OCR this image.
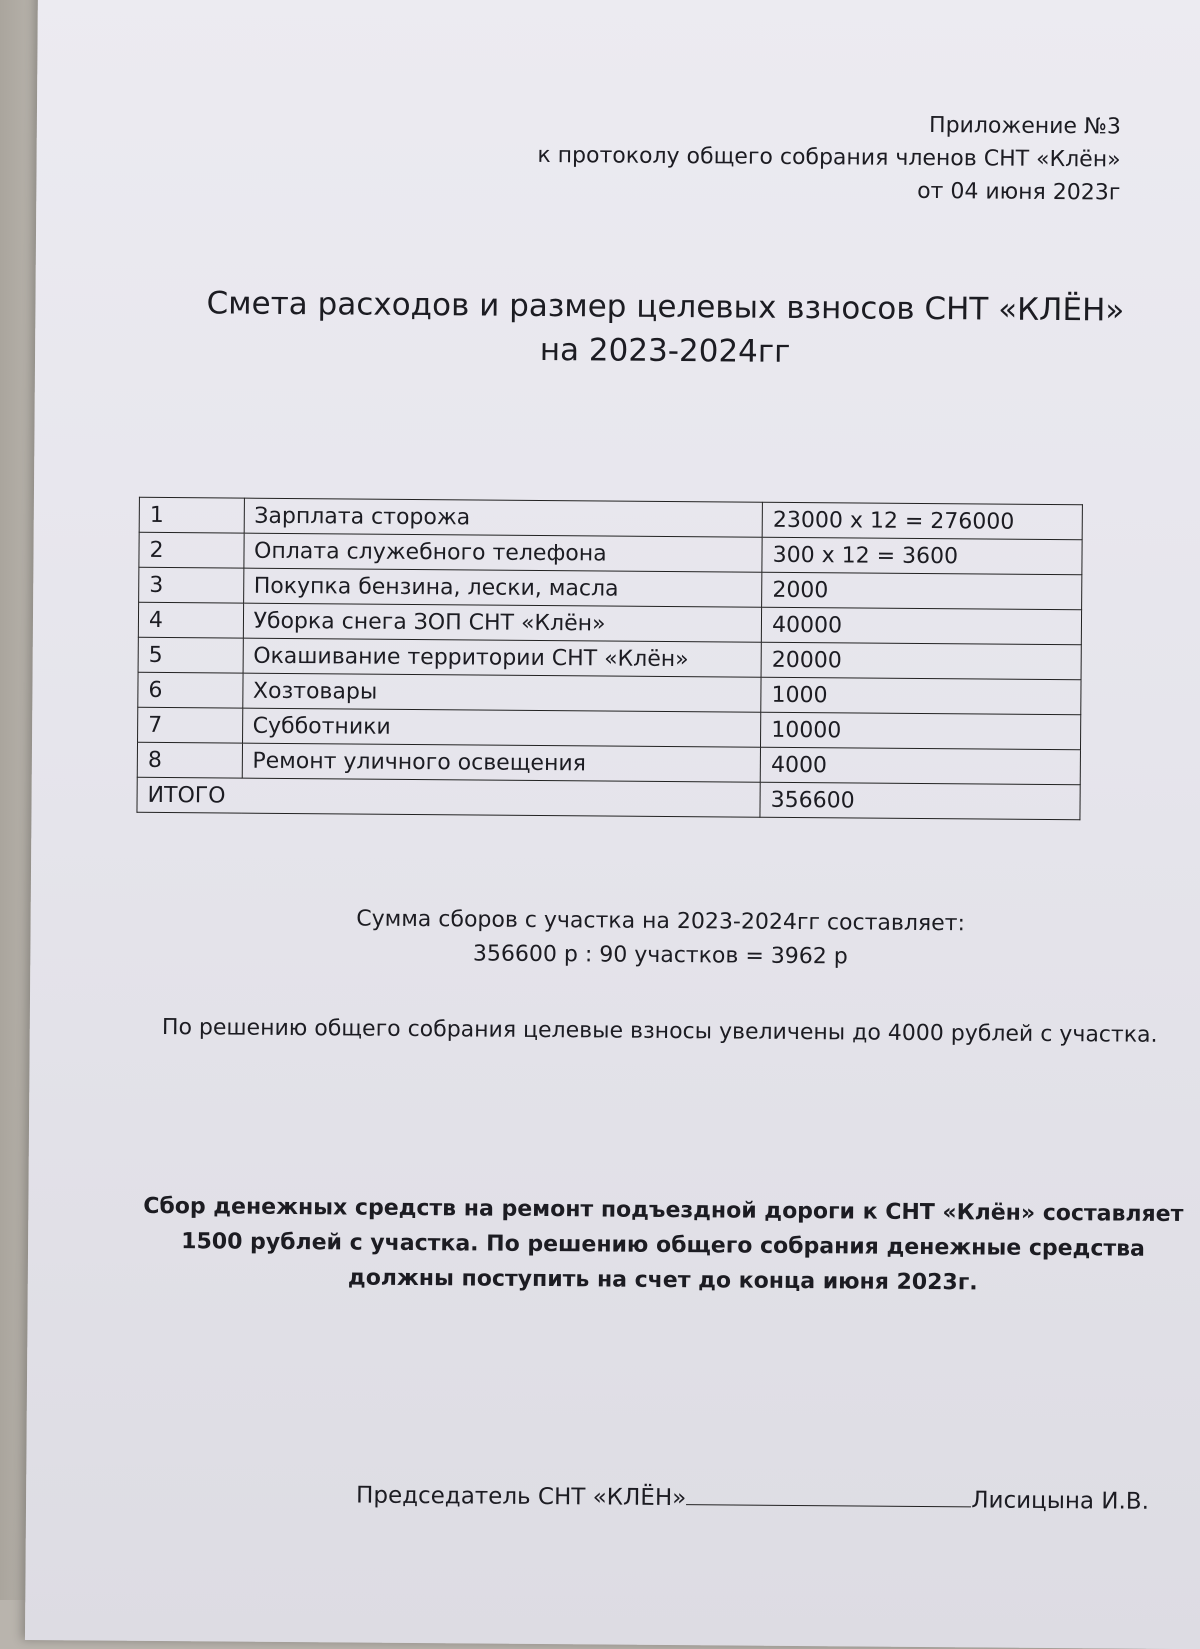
Приложение №3
к протоколу общего собрания членов СНТ «Клён»
от 04 июня 2023г
Смета расходов и размер целевых взносов СНТ «КЛЁН»
на 2023-2024гг
1	Зарплата сторожа	23000 х 12 = 276000
2	Оплата служебного телефона	300 х 12 = 3600
3	Покупка бензина, лески, масла	2000
4	Уборка снега ЗОП СНТ «Клён»	40000
5	Окашивание территории СНТ «Клён»	20000
6	Хозтовары	1000
7	Субботники	10000
8	Ремонт уличного освещения	4000
ИТОГО		356600
Сумма сборов с участка на 2023-2024гг составляет:
356600 р : 90 участков = 3962 р
По решению общего собрания целевые взносы увеличены до 4000 рублей с участка.
Сбор денежных средств на ремонт подъездной дороги к СНТ «Клён» составляет
1500 рублей с участка. По решению общего собрания денежные средства
должны поступить на счет до конца июня 2023г.
Председатель СНТ «КЛЁН»	Лисицына И.В.
